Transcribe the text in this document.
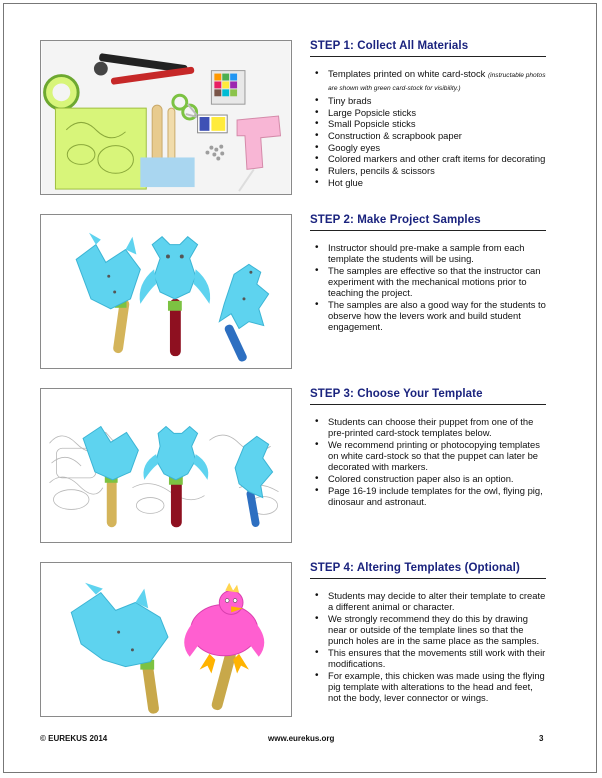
STEP 1: Collect All Materials
• Templates printed on white card-stock (instructable photos are shown with green card-stock for visibility.)
• Tiny brads
• Large Popsicle sticks
• Small Popsicle sticks
• Construction & scrapbook paper
• Googly eyes
• Colored markers and other craft items for decorating
• Rulers, pencils & scissors
• Hot glue
STEP 2: Make Project Samples
• Instructor should pre-make a sample from each template the students will be using.
• The samples are effective so that the instructor can experiment with the mechanical motions prior to teaching the project.
• The samples are also a good way for the students to observe how the levers work and build student engagement.
STEP 3: Choose Your Template
• Students can choose their puppet from one of the pre-printed card-stock templates below.
• We recommend printing or photocopying templates on white card-stock so that the puppet can later be decorated with markers.
• Colored construction paper also is an option.
• Page 16-19 include templates for the owl, flying pig, dinosaur and astronaut.
STEP 4: Altering Templates (Optional)
• Students may decide to alter their template to create a different animal or character.
• We strongly recommend they do this by drawing near or outside of the template lines so that the punch holes are in the same place as the samples.
• This ensures that the movements still work with their modifications.
• For example, this chicken was made using the flying pig template with alterations to the head and feet, not the body, lever connector or wings.
© EUREKUS 2014	www.eurekus.org	3
